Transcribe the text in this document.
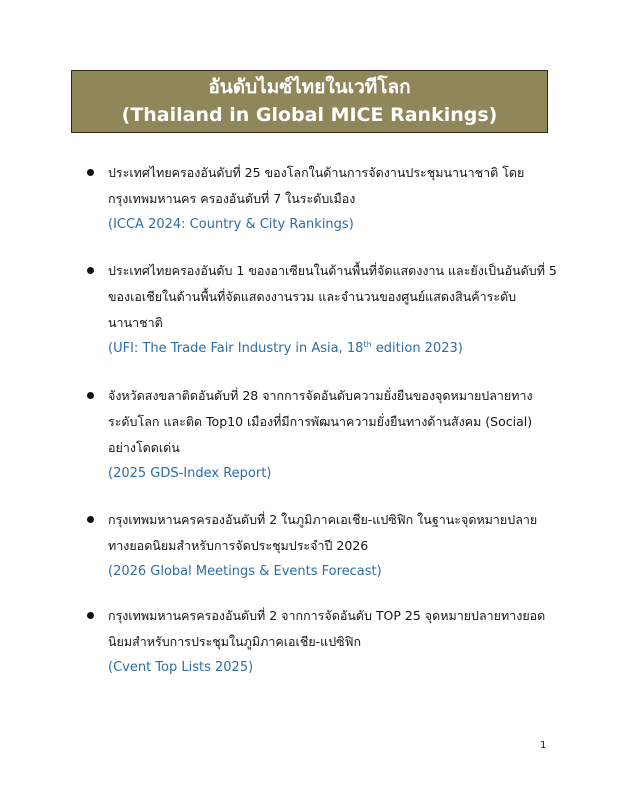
อันดับไมซ์ไทยในเวทีโลก
(Thailand in Global MICE Rankings)
ประเทศไทยครองอันดับที่ 25 ของโลกในด้านการจัดงานประชุมนานาชาติ โดยกรุงเทพมหานคร ครองอันดับที่ 7 ในระดับเมือง
(ICCA 2024: Country & City Rankings)
ประเทศไทยครองอันดับ 1 ของอาเซียนในด้านพื้นที่จัดแสดงงาน และยังเป็นอันดับที่ 5 ของเอเชียในด้านพื้นที่จัดแสดงงานรวม และจำนวนของศูนย์แสดงสินค้าระดับนานาชาติ
(UFI: The Trade Fair Industry in Asia, 18th edition 2023)
จังหวัดสงขลาติดอันดับที่ 28 จากการจัดอันดับความยั่งยืนของจุดหมายปลายทางระดับโลก และติด Top10 เมืองที่มีการพัฒนาความยั่งยืนทางด้านสังคม (Social) อย่างโดดเด่น
(2025 GDS-Index Report)
กรุงเทพมหานครครองอันดับที่ 2 ในภูมิภาคเอเชีย-แปซิฟิก ในฐานะจุดหมายปลายทางยอดนิยมสำหรับการจัดประชุมประจำปี 2026
(2026 Global Meetings & Events Forecast)
กรุงเทพมหานครครองอันดับที่ 2 จากการจัดอันดับ TOP 25 จุดหมายปลายทางยอดนิยมสำหรับการประชุมในภูมิภาคเอเชีย-แปซิฟิก
(Cvent Top Lists 2025)
1
